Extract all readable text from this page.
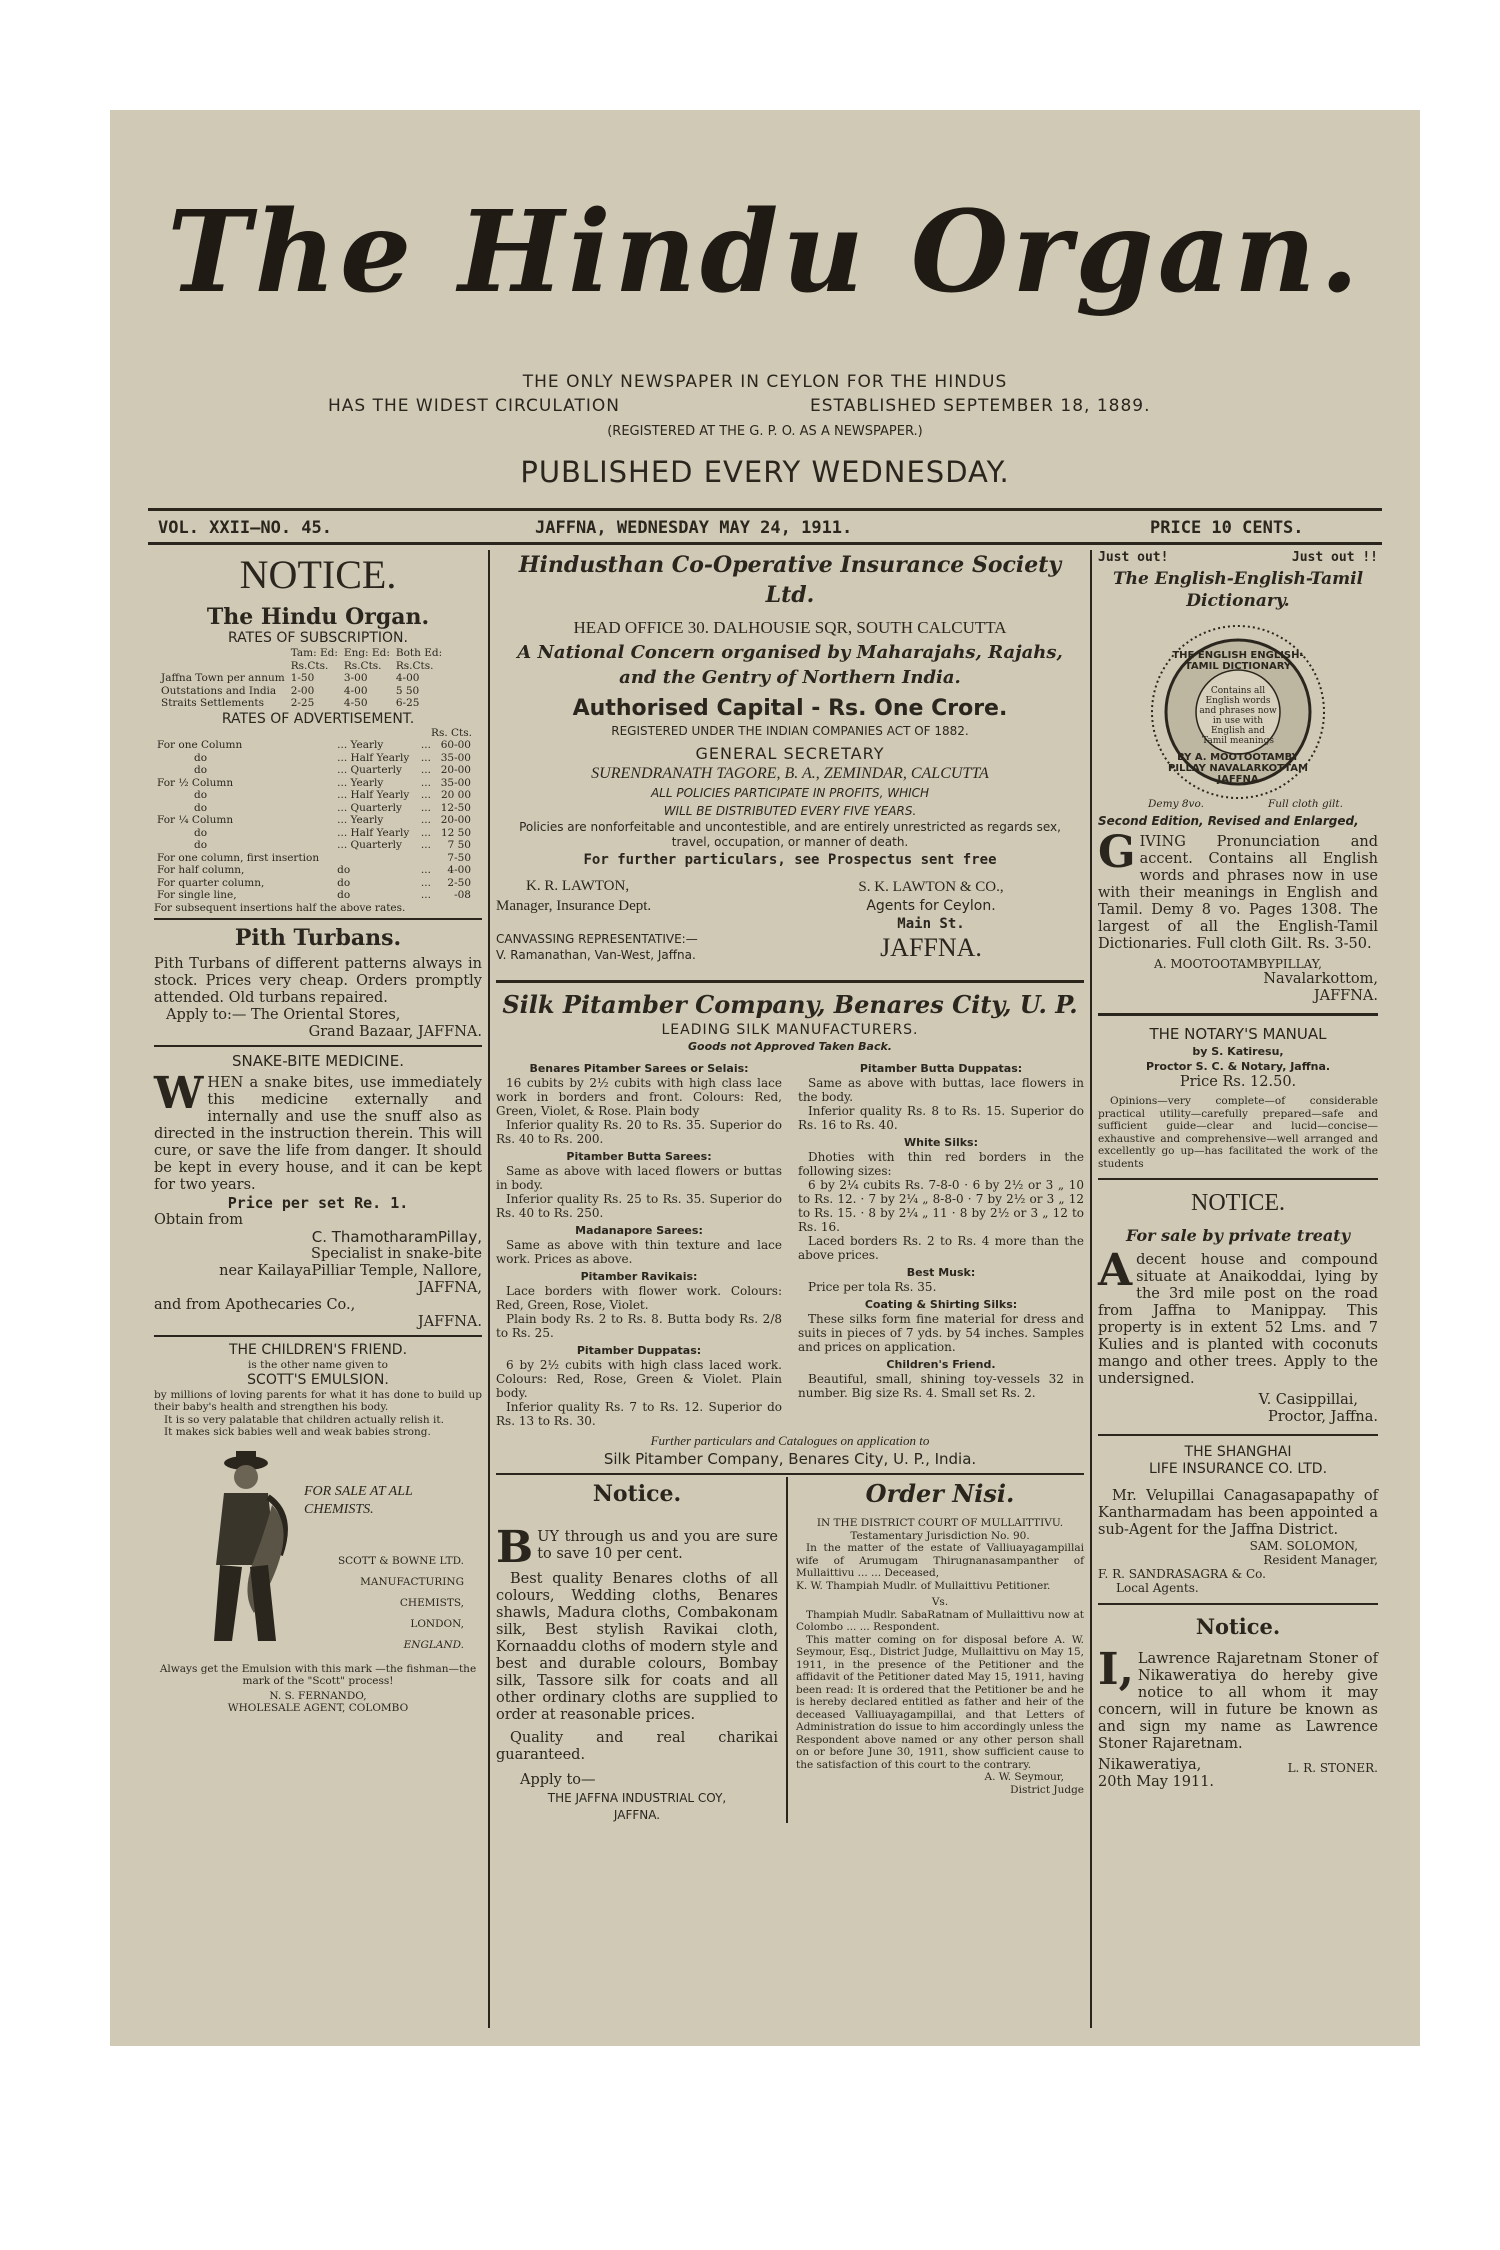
The Hindu Organ.
THE ONLY NEWSPAPER IN CEYLON FOR THE HINDUS
HAS THE WIDEST CIRCULATION	ESTABLISHED SEPTEMBER 18, 1889.
(REGISTERED AT THE G. P. O. AS A NEWSPAPER.)
PUBLISHED EVERY WEDNESDAY.
VOL. XXII—NO. 45.	JAFFNA, WEDNESDAY MAY 24, 1911.	PRICE 10 CENTS.
NOTICE.
The Hindu Organ.
RATES OF SUBSCRIPTION.
	Tam: Ed:	Eng: Ed:	Both Ed:
	Rs.Cts.	Rs.Cts.	Rs.Cts.
Jaffna Town per annum	1-50	3-00	4-00
Outstations and India	2-00	4-00	5 50
Straits Settlements	2-25	4-50	6-25
RATES OF ADVERTISEMENT.
Rs. Cts.
For one Column	... Yearly	...	60-00
do	... Half Yearly	...	35-00
do	... Quarterly	...	20-00
For ½ Column	... Yearly	...	35-00
do	... Half Yearly	...	20 00
do	... Quarterly	...	12-50
For ¼ Column	... Yearly	...	20-00
do	... Half Yearly	...	12 50
do	... Quarterly	...	7 50
For one column, first insertion			7-50
For half column,	do	...	4-00
For quarter column,	do	...	2-50
For single line,	do	...	-08
For subsequent insertions half the above rates.
Pith Turbans.
Pith Turbans of different patterns always in stock. Prices very cheap. Orders promptly attended. Old turbans repaired.
Apply to:— The Oriental Stores,
Grand Bazaar, JAFFNA.
SNAKE-BITE MEDICINE.
W HEN a snake bites, use immediately this medicine externally and internally and use the snuff also as directed in the instruction therein. This will cure, or save the life from danger. It should be kept in every house, and it can be kept for two years.
Price per set Re. 1.
Obtain from
C. ThamotharamPillay,
Specialist in snake-bite
near KailayaPilliar Temple, Nallore,
JAFFNA,
and from Apothecaries Co.,
JAFFNA.
THE CHILDREN'S FRIEND.
is the other name given to
SCOTT'S EMULSION.
by millions of loving parents for what it has done to build up their baby's health and strengthen his body.
It is so very palatable that children actually relish it.
It makes sick babies well and weak babies strong.
FOR SALE AT ALL CHEMISTS.
SCOTT & BOWNE LTD.
MANUFACTURING
CHEMISTS,
LONDON,
ENGLAND.
Always get the Emulsion with this mark —the fishman—the mark of the "Scott" process!
N. S. FERNANDO,
WHOLESALE AGENT, COLOMBO
Hindusthan Co-Operative Insurance Society Ltd.
HEAD OFFICE 30. DALHOUSIE SQR, SOUTH CALCUTTA
A National Concern organised by Maharajahs, Rajahs, and the Gentry of Northern India.
Authorised Capital - Rs. One Crore.
REGISTERED UNDER THE INDIAN COMPANIES ACT OF 1882.
GENERAL SECRETARY
SURENDRANATH TAGORE, B. A., ZEMINDAR, CALCUTTA
ALL POLICIES PARTICIPATE IN PROFITS, WHICH
WILL BE DISTRIBUTED EVERY FIVE YEARS.
Policies are nonforfeitable and uncontestible, and are entirely unrestricted as regards sex, travel, occupation, or manner of death.
For further particulars, see Prospectus sent free
K. R. LAWTON,
Manager, Insurance Dept.
CANVASSING REPRESENTATIVE:—
V. Ramanathan, Van-West, Jaffna.
S. K. LAWTON & CO.,
Agents for Ceylon.
Main St.
JAFFNA.
Silk Pitamber Company, Benares City, U. P.
LEADING SILK MANUFACTURERS.
Goods not Approved Taken Back.
Benares Pitamber Sarees or Selais:
16 cubits by 2½ cubits with high class lace work in borders and front. Colours: Red, Green, Violet, & Rose. Plain body
Inferior quality Rs. 20 to Rs. 35. Superior do Rs. 40 to Rs. 200.
Pitamber Butta Sarees:
Same as above with laced flowers or buttas in body.
Inferior quality Rs. 25 to Rs. 35. Superior do Rs. 40 to Rs. 250.
Madanapore Sarees:
Same as above with thin texture and lace work. Prices as above.
Pitamber Ravikais:
Lace borders with flower work. Colours: Red, Green, Rose, Violet.
Plain body Rs. 2 to Rs. 8. Butta body Rs. 2/8 to Rs. 25.
Pitamber Duppatas:
6 by 2½ cubits with high class laced work. Colours: Red, Rose, Green & Violet. Plain body.
Inferior quality Rs. 7 to Rs. 12. Superior do Rs. 13 to Rs. 30.
Pitamber Butta Duppatas:
Same as above with buttas, lace flowers in the body.
Inferior quality Rs. 8 to Rs. 15. Superior do Rs. 16 to Rs. 40.
White Silks:
Dhoties with thin red borders in the following sizes:
6 by 2¼ cubits Rs. 7-8-0 · 6 by 2½ or 3 „ 10 to Rs. 12. · 7 by 2¼ „ 8-8-0 · 7 by 2½ or 3 „ 12 to Rs. 15. · 8 by 2¼ „ 11 · 8 by 2½ or 3 „ 12 to Rs. 16.
Laced borders Rs. 2 to Rs. 4 more than the above prices.
Best Musk:
Price per tola Rs. 35.
Coating & Shirting Silks:
These silks form fine material for dress and suits in pieces of 7 yds. by 54 inches. Samples and prices on application.
Children's Friend.
Beautiful, small, shining toy-vessels 32 in number. Big size Rs. 4. Small set Rs. 2.
Further particulars and Catalogues on application to
Silk Pitamber Company, Benares City, U. P., India.
Notice.
B UY through us and you are sure to save 10 per cent.
Best quality Benares cloths of all colours, Wedding cloths, Benares shawls, Madura cloths, Combakonam silk, Best stylish Ravikai cloth, Kornaaddu cloths of modern style and best and durable colours, Bombay silk, Tassore silk for coats and all other ordinary cloths are supplied to order at reasonable prices.
Quality and real charikai guaranteed.
Apply to—
THE JAFFNA INDUSTRIAL COY,
JAFFNA.
Order Nisi.
IN THE DISTRICT COURT OF MULLAITTIVU.
Testamentary Jurisdiction No. 90.
In the matter of the estate of Valliuayagampillai wife of Arumugam Thirugnanasampanther of Mullaittivu ... ... Deceased,
K. W. Thampiah Mudlr. of Mullaittivu Petitioner.
Vs.
Thampiah Mudlr. SabaRatnam of Mullaittivu now at Colombo ... ... Respondent.
This matter coming on for disposal before A. W. Seymour, Esq., District Judge, Mullaittivu on May 15, 1911, in the presence of the Petitioner and the affidavit of the Petitioner dated May 15, 1911, having been read: It is ordered that the Petitioner be and he is hereby declared entitled as father and heir of the deceased Valliuayagampillai, and that Letters of Administration do issue to him accordingly unless the Respondent above named or any other person shall on or before June 30, 1911, show sufficient cause to the satisfaction of this court to the contrary.
A. W. Seymour,
District Judge
Just out!	Just out !!
The English-English-Tamil Dictionary.
THE ENGLISH ENGLISH-TAMIL DICTIONARY
Contains all English words and phrases now in use with English and Tamil meanings
BY A. MOOTOOTAMBY PILLAY NAVALARKOTTAM JAFFNA
Demy 8vo.	Full cloth gilt.
Second Edition, Revised and Enlarged,
G IVING Pronunciation and accent. Contains all English words and phrases now in use with their meanings in English and Tamil. Demy 8 vo. Pages 1308. The largest of all the English-Tamil Dictionaries. Full cloth Gilt. Rs. 3-50.
A. MOOTOOTAMBYPILLAY,
Navalarkottom,
JAFFNA.
THE NOTARY'S MANUAL
by S. Katiresu,
Proctor S. C. & Notary, Jaffna.
Price Rs. 12.50.
Opinions—very complete—of considerable practical utility—carefully prepared—safe and sufficient guide—clear and lucid—concise—exhaustive and comprehensive—well arranged and excellently go up—has facilitated the work of the students
NOTICE.
For sale by private treaty
A decent house and compound situate at Anaikoddai, lying by the 3rd mile post on the road from Jaffna to Manippay. This property is in extent 52 Lms. and 7 Kulies and is planted with coconuts mango and other trees. Apply to the undersigned.
V. Casippillai,
Proctor, Jaffna.
THE SHANGHAI
LIFE INSURANCE CO. LTD.
Mr. Velupillai Canagasapapathy of Kantharmadam has been appointed a sub-Agent for the Jaffna District.
SAM. SOLOMON,
Resident Manager,
F. R. SANDRASAGRA & Co.
Local Agents.
Notice.
I, Lawrence Rajaretnam Stoner of Nikaweratiya do hereby give notice to all whom it may concern, will in future be known as and sign my name as Lawrence Stoner Rajaretnam.
Nikaweratiya,
20th May 1911.
L. R. STONER.
